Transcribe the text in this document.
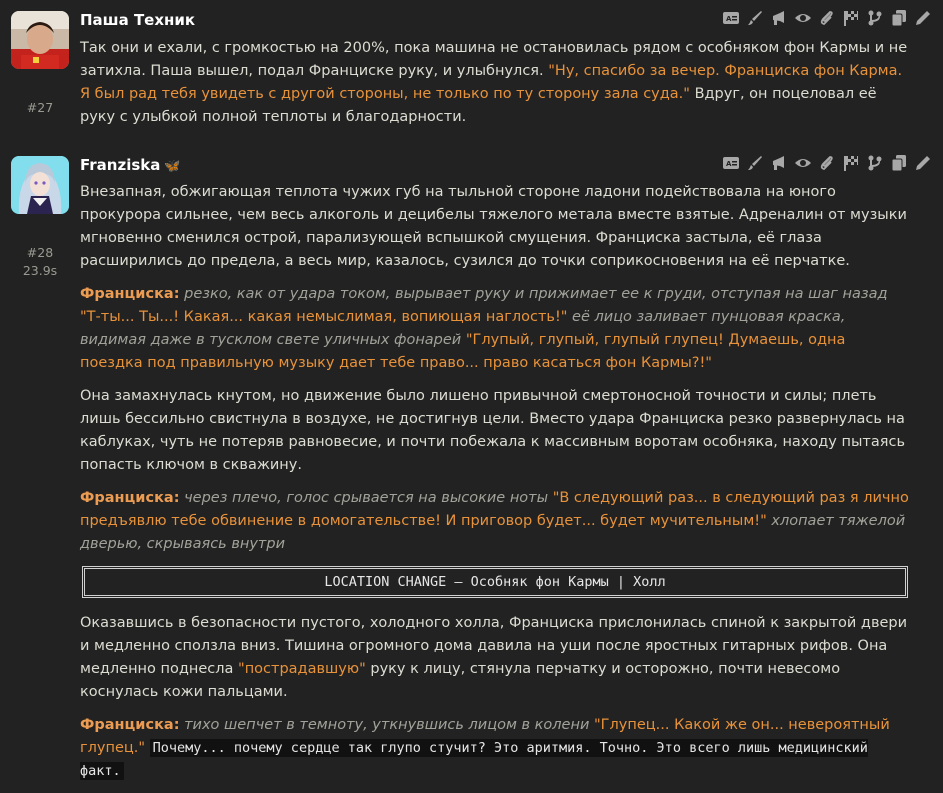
#27
Паша Техник	A

Так они и ехали, с громкостью на 200%, пока машина не остановилась рядом с особняком фон Кармы и не затихла. Паша вышел, подал Франциске руку, и улыбнулся. "Ну, спасибо за вечер. Франциска фон Карма. Я был рад тебя увидеть с другой стороны, не только по ту сторону зала суда." Вдруг, он поцеловал её руку с улыбкой полной теплоты и благодарности.

#28
23.9s
Franziska 🦋	A

Внезапная, обжигающая теплота чужих губ на тыльной стороне ладони подействовала на юного прокурора сильнее, чем весь алкоголь и децибелы тяжелого метала вместе взятые. Адреналин от музыки мгновенно сменился острой, парализующей вспышкой смущения. Франциска застыла, её глаза расширились до предела, а весь мир, казалось, сузился до точки соприкосновения на её перчатке.

Франциска: резко, как от удара током, вырывает руку и прижимает ее к груди, отступая на шаг назад "Т-ты... Ты...! Какая... какая немыслимая, вопиющая наглость!" её лицо заливает пунцовая краска, видимая даже в тусклом свете уличных фонарей "Глупый, глупый, глупый глупец! Думаешь, одна поездка под правильную музыку дает тебе право... право касаться фон Кармы?!"

Она замахнулась кнутом, но движение было лишено привычной смертоносной точности и силы; плеть лишь бессильно свистнула в воздухе, не достигнув цели. Вместо удара Франциска резко развернулась на каблуках, чуть не потеряв равновесие, и почти побежала к массивным воротам особняка, находу пытаясь попасть ключом в скважину.

Франциска: через плечо, голос срывается на высокие ноты "В следующий раз... в следующий раз я лично предъявлю тебе обвинение в домогательстве! И приговор будет... будет мучительным!" хлопает тяжелой дверью, скрываясь внутри

LOCATION CHANGE — Особняк фон Кармы | Холл

Оказавшись в безопасности пустого, холодного холла, Франциска прислонилась спиной к закрытой двери и медленно сползла вниз. Тишина огромного дома давила на уши после яростных гитарных рифов. Она медленно поднесла "пострадавшую" руку к лицу, стянула перчатку и осторожно, почти невесомо коснулась кожи пальцами.

Франциска: тихо шепчет в темноту, уткнувшись лицом в колени "Глупец... Какой же он... невероятный глупец." Почему... почему сердце так глупо стучит? Это аритмия. Точно. Это всего лишь медицинский факт.
